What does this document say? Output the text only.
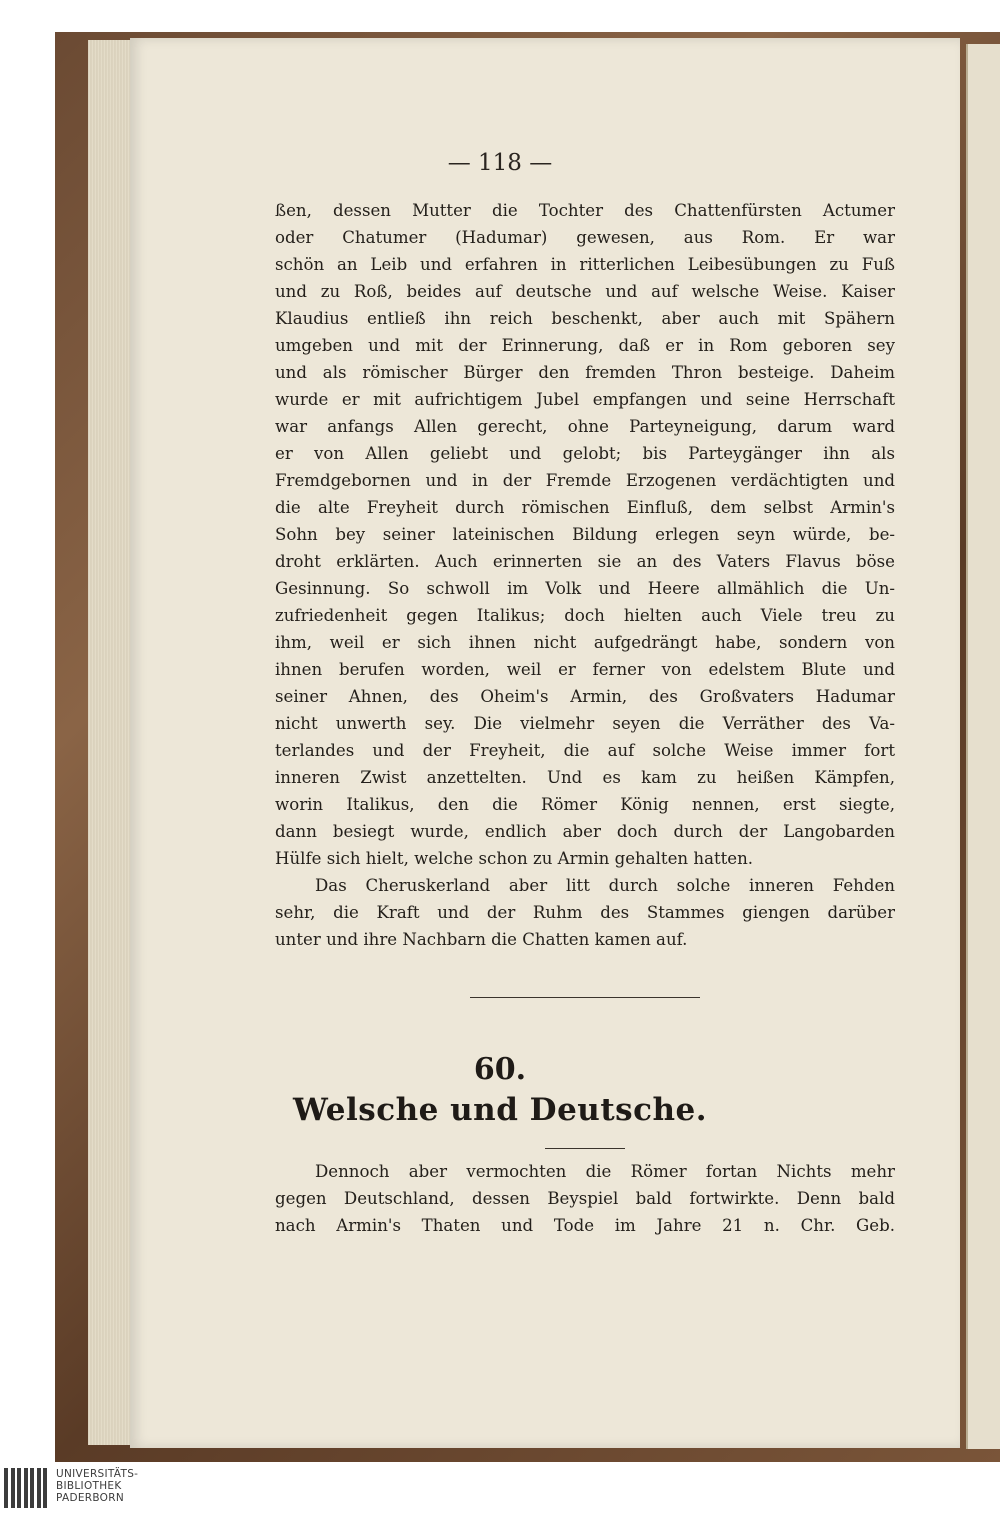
— 118 —
ßen, dessen Mutter die Tochter des Chattenfürsten Actumer
oder Chatumer (Hadumar) gewesen, aus Rom. Er war
schön an Leib und erfahren in ritterlichen Leibesübungen zu Fuß
und zu Roß, beides auf deutsche und auf welsche Weise. Kaiser
Klaudius entließ ihn reich beschenkt, aber auch mit Spähern
umgeben und mit der Erinnerung, daß er in Rom geboren sey
und als römischer Bürger den fremden Thron besteige. Daheim
wurde er mit aufrichtigem Jubel empfangen und seine Herrschaft
war anfangs Allen gerecht, ohne Parteyneigung, darum ward
er von Allen geliebt und gelobt; bis Parteygänger ihn als
Fremdgebornen und in der Fremde Erzogenen verdächtigten und
die alte Freyheit durch römischen Einfluß, dem selbst Armin's
Sohn bey seiner lateinischen Bildung erlegen seyn würde, be-
droht erklärten. Auch erinnerten sie an des Vaters Flavus böse
Gesinnung. So schwoll im Volk und Heere allmählich die Un-
zufriedenheit gegen Italikus; doch hielten auch Viele treu zu
ihm, weil er sich ihnen nicht aufgedrängt habe, sondern von
ihnen berufen worden, weil er ferner von edelstem Blute und
seiner Ahnen, des Oheim's Armin, des Großvaters Hadumar
nicht unwerth sey. Die vielmehr seyen die Verräther des Va-
terlandes und der Freyheit, die auf solche Weise immer fort
inneren Zwist anzettelten. Und es kam zu heißen Kämpfen,
worin Italikus, den die Römer König nennen, erst siegte,
dann besiegt wurde, endlich aber doch durch der Langobarden
Hülfe sich hielt, welche schon zu Armin gehalten hatten.
Das Cheruskerland aber litt durch solche inneren Fehden
sehr, die Kraft und der Ruhm des Stammes giengen darüber
unter und ihre Nachbarn die Chatten kamen auf.
60.
Welsche und Deutsche.
Dennoch aber vermochten die Römer fortan Nichts mehr
gegen Deutschland, dessen Beyspiel bald fortwirkte. Denn bald
nach Armin's Thaten und Tode im Jahre 21 n. Chr. Geb.
UNIVERSITÄTS-
BIBLIOTHEK
PADERBORN
